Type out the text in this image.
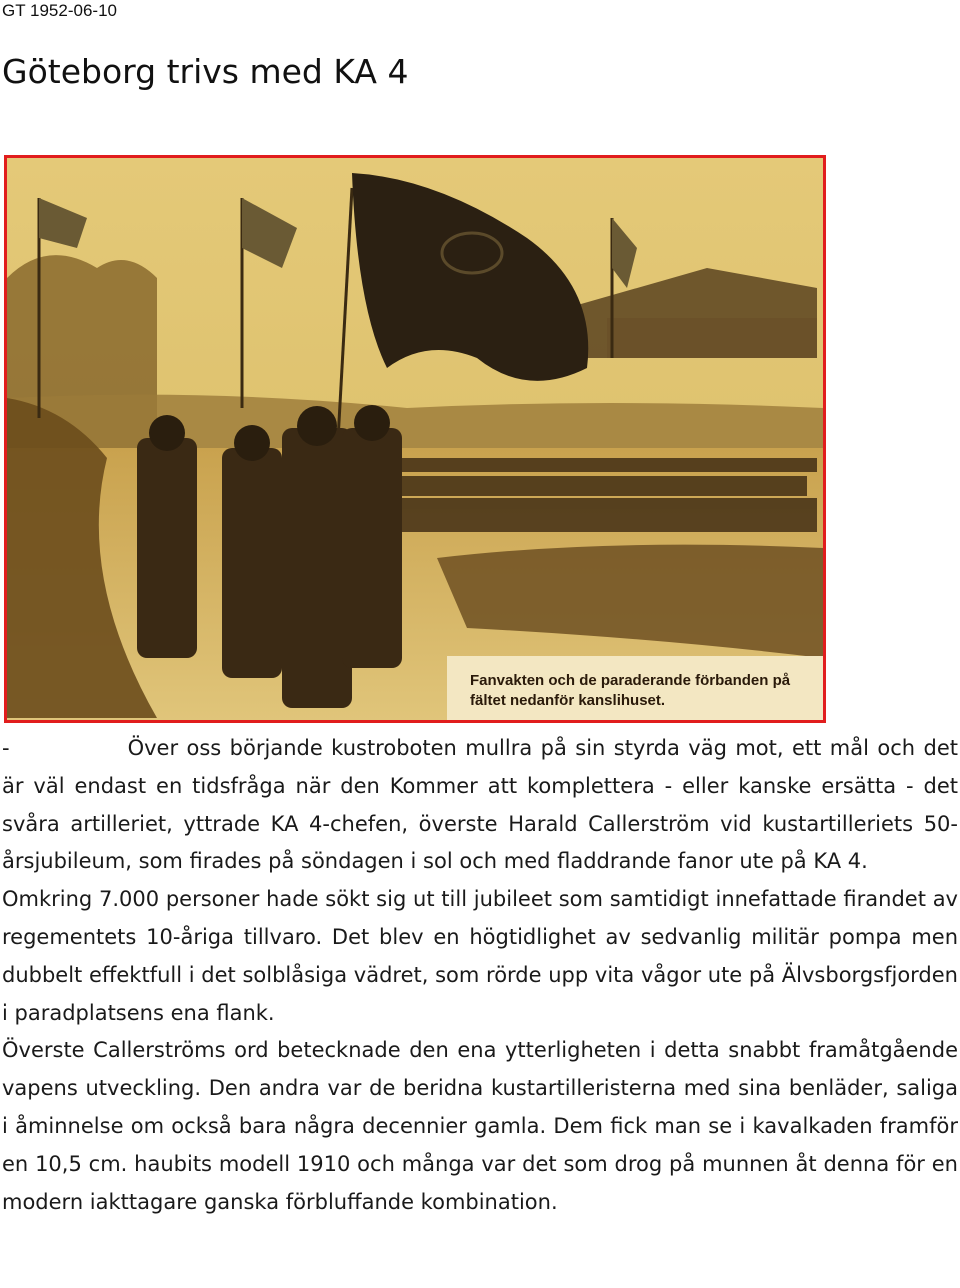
GT 1952-06-10
Göteborg trivs med KA 4
Fanvakten och de paraderande förbanden på
fältet nedanför kanslihuset.

-	Över oss börjande kustroboten mullra på sin styrda väg mot, ett mål och det är väl endast en tidsfråga när den Kommer att komplettera - eller kanske ersätta - det svåra artilleriet, yttrade KA 4-chefen, överste Harald Callerström vid kustartilleriets 50-årsjubileum, som firades på söndagen i sol och med fladdrande fanor ute på KA 4.

Omkring 7.000 personer hade sökt sig ut till jubileet som samtidigt innefattade firandet av regementets 10-åriga tillvaro. Det blev en högtidlighet av sedvanlig militär pompa men dubbelt effektfull i det solblåsiga vädret, som rörde upp vita vågor ute på Älvsborgsfjorden i paradplatsens ena flank.

Överste Callerströms ord betecknade den ena ytterligheten i detta snabbt framåtgående vapens utveckling. Den andra var de beridna kustartilleristerna med sina benläder, saliga i åminnelse om också bara några decennier gamla. Dem fick man se i kavalkaden framför en 10,5 cm. haubits modell 1910 och många var det som drog på munnen åt denna för en modern iakttagare ganska förbluffande kombination.
